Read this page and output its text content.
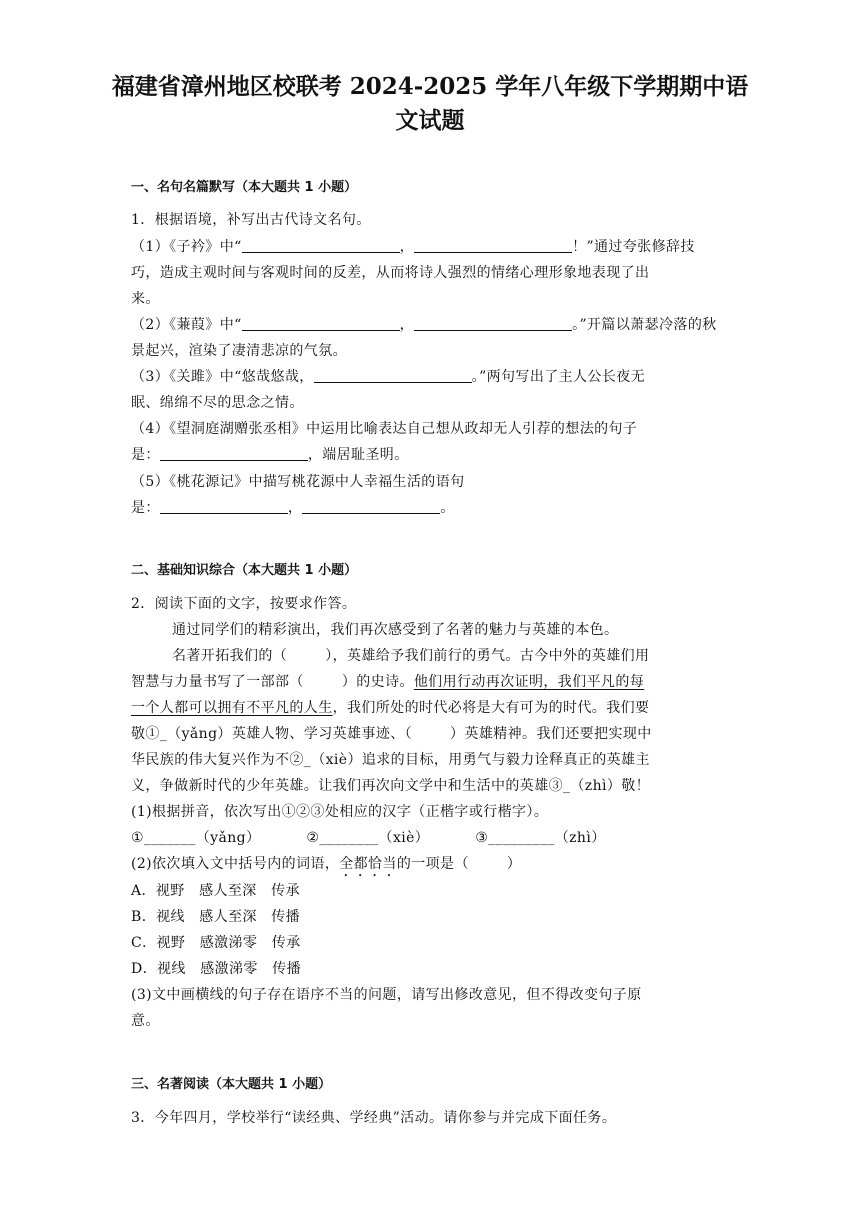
福建省漳州地区校联考 2024-2025 学年八年级下学期期中语
文试题
一、名句名篇默写（本大题共 1 小题）
1．根据语境，补写出古代诗文名句。
（1）《子衿》中“	，	！”通过夸张修辞技
巧，造成主观时间与客观时间的反差，从而将诗人强烈的情绪心理形象地表现了出
来。
（2）《蒹葭》中“	，	。”开篇以萧瑟冷落的秋
景起兴，渲染了凄清悲凉的气氛。
（3）《关雎》中“悠哉悠哉，	。”两句写出了主人公长夜无
眠、绵绵不尽的思念之情。
（4）《望洞庭湖赠张丞相》中运用比喻表达自己想从政却无人引荐的想法的句子
是：	，端居耻圣明。
（5）《桃花源记》中描写桃花源中人幸福生活的语句
是：	，	。
二、基础知识综合（本大题共 1 小题）
2．阅读下面的文字，按要求作答。
通过同学们的精彩演出，我们再次感受到了名著的魅力与英雄的本色。
名著开拓我们的（	），英雄给予我们前行的勇气。古今中外的英雄们用
智慧与力量书写了一部部（	）的史诗。他们用行动再次证明，我们平凡的每
一个人都可以拥有不平凡的人生，我们所处的时代必将是大有可为的时代。我们要
敬①_（yǎng）英雄人物、学习英雄事迹、（	）英雄精神。我们还要把实现中
华民族的伟大复兴作为不②_（xiè）追求的目标，用勇气与毅力诠释真正的英雄主
义，争做新时代的少年英雄。让我们再次向文学中和生活中的英雄③_（zhì）敬！
(1)根据拼音，依次写出①②③处相应的汉字（正楷字或行楷字）。
①_______（yǎng）	②________（xiè）	③_________（zhì）
(2)依次填入文中括号内的词语，全都恰当的一项是（	）
A．视野　感人至深　传承
B．视线　感人至深　传播
C．视野　感激涕零　传承
D．视线　感激涕零　传播
(3)文中画横线的句子存在语序不当的问题，请写出修改意见，但不得改变句子原
意。
三、名著阅读（本大题共 1 小题）
3．今年四月，学校举行“读经典、学经典”活动。请你参与并完成下面任务。
